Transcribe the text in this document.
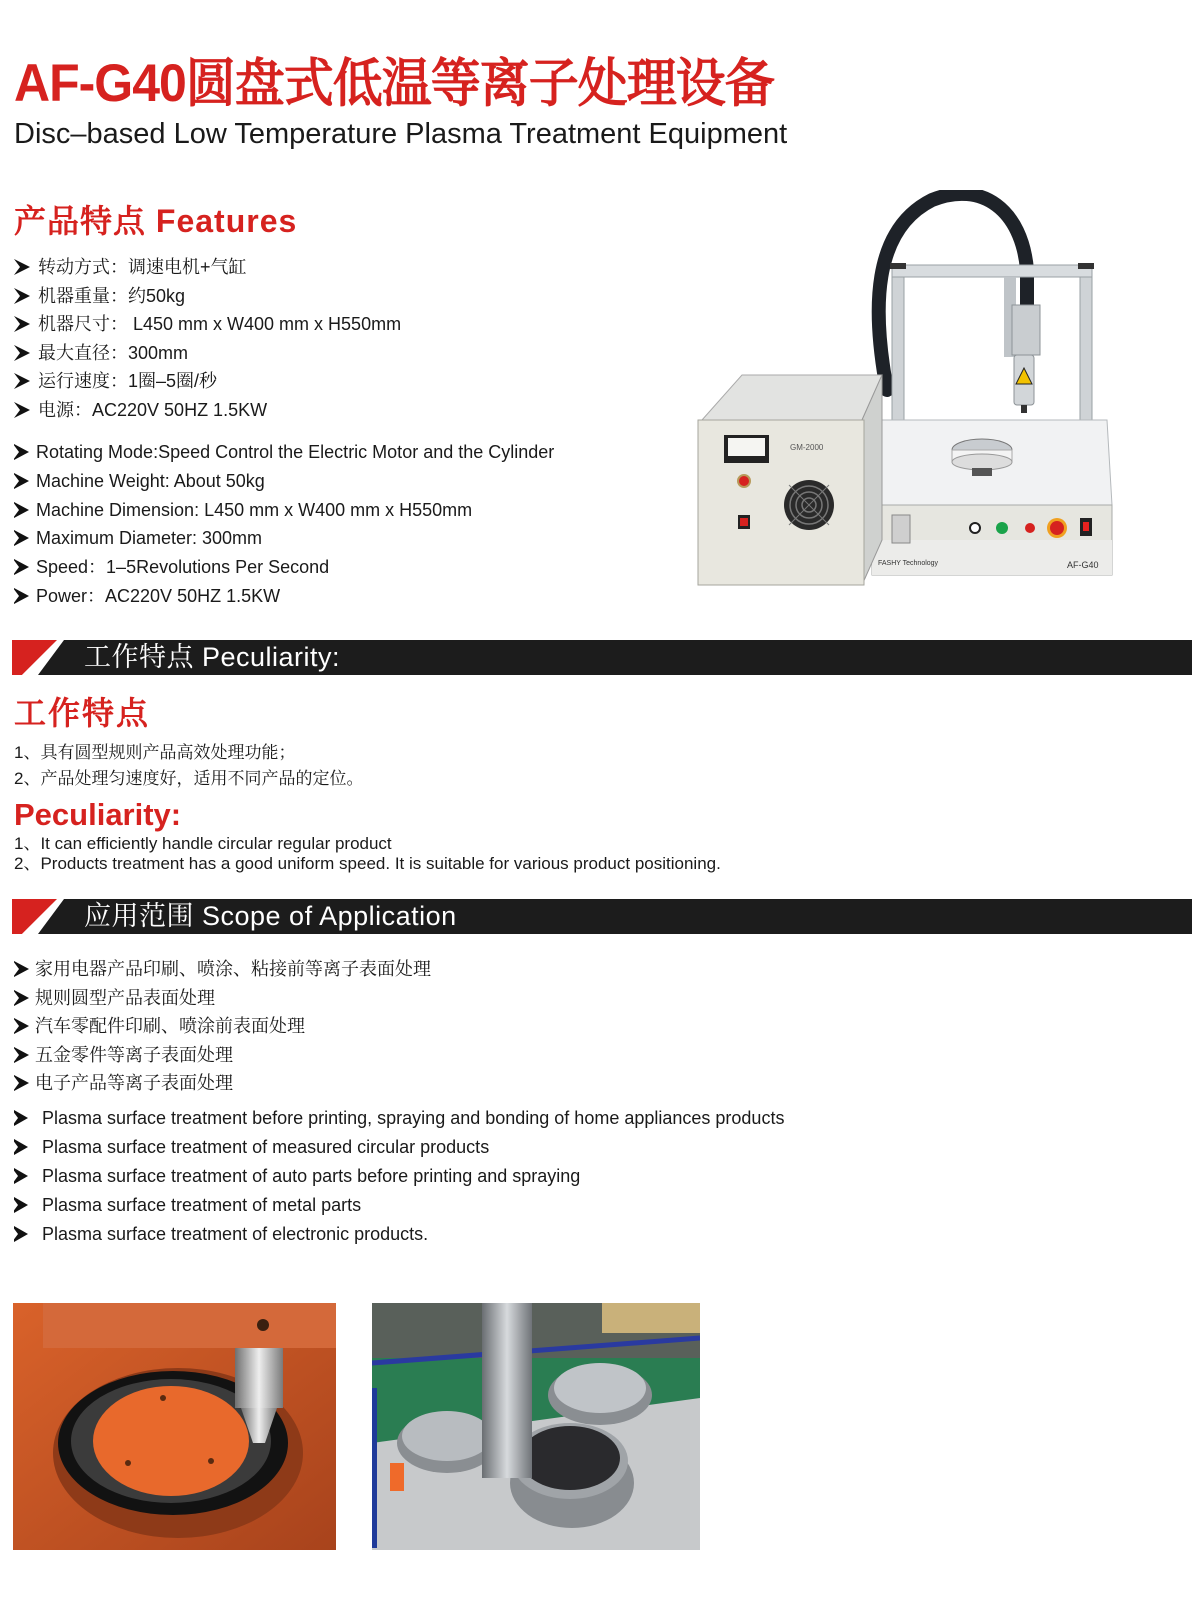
AF-G40圆盘式低温等离子处理设备
Disc–based Low Temperature Plasma Treatment Equipment
产品特点 Features
转动方式：调速电机+气缸
机器重量：约50kg
机器尺寸： L450 mm x W400 mm x H550mm
最大直径：300mm
运行速度：1圈–5圈/秒
电源：AC220V 50HZ 1.5KW
Rotating Mode:Speed Control the Electric Motor and the Cylinder
Machine Weight: About 50kg
Machine Dimension: L450 mm x W400 mm x H550mm
Maximum Diameter: 300mm
Speed：1–5Revolutions Per Second
Power：AC220V 50HZ 1.5KW
FASHY Technology	AF-G40
GM-2000
工作特点 Peculiarity:
工作特点
1、具有圆型规则产品高效处理功能；
2、产品处理匀速度好，适用不同产品的定位。
Peculiarity:
1、It can efficiently handle circular regular product
2、Products treatment has a good uniform speed. It is suitable for various product positioning.
应用范围 Scope of Application
家用电器产品印刷、喷涂、粘接前等离子表面处理
规则圆型产品表面处理
汽车零配件印刷、喷涂前表面处理
五金零件等离子表面处理
电子产品等离子表面处理
Plasma surface treatment before printing, spraying and bonding of home appliances products
Plasma surface treatment of measured circular products
Plasma surface treatment of auto parts before printing and spraying
Plasma surface treatment of metal parts
Plasma surface treatment of electronic products.
